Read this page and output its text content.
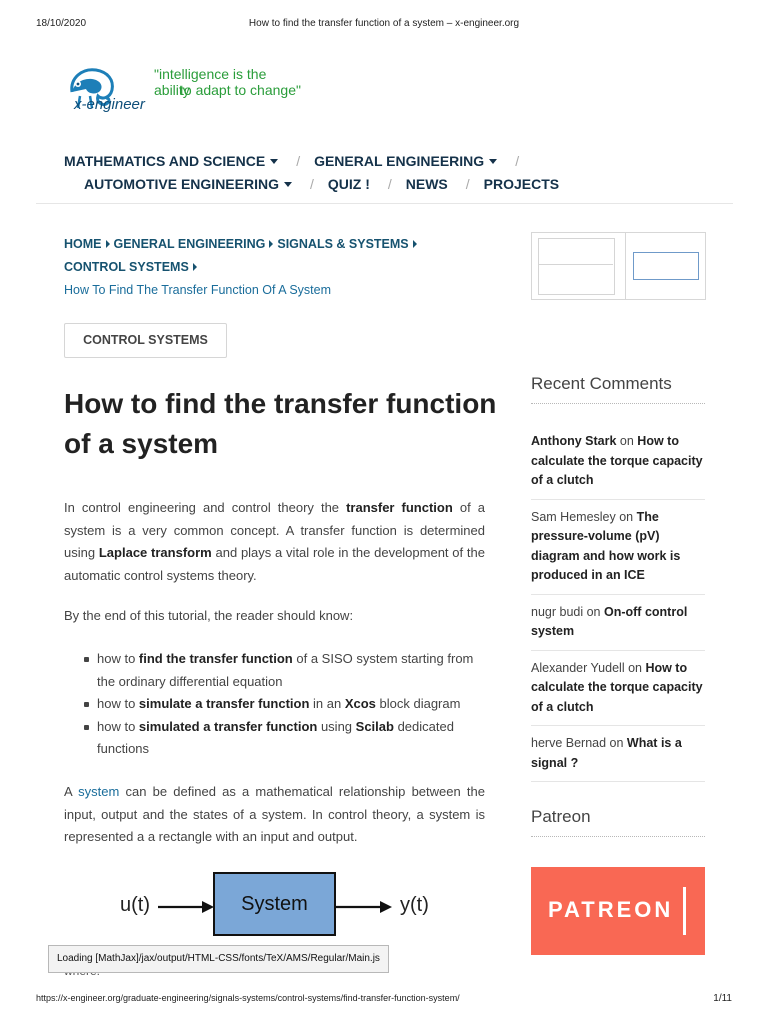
18/10/2020	How to find the transfer function of a system – x-engineer.org
"intelligence is the ability
to adapt to change"
x-engineer
MATHEMATICS AND SCIENCE / GENERAL ENGINEERING /
AUTOMOTIVE ENGINEERING / QUIZ ! / NEWS / PROJECTS
HOME GENERAL ENGINEERING SIGNALS & SYSTEMS
CONTROL SYSTEMS
How To Find The Transfer Function Of A System
CONTROL SYSTEMS
How to find the transfer function of a system
In control engineering and control theory the transfer function of a system is a very common concept. A transfer function is determined using Laplace transform and plays a vital role in the development of the automatic control systems theory.
By the end of this tutorial, the reader should know:
how to find the transfer function of a SISO system starting from the ordinary differential equation
how to simulate a transfer function in an Xcos block diagram
how to simulated a transfer function using Scilab dedicated functions
A system can be defined as a mathematical relationship between the input, output and the states of a system. In control theory, a system is represented a a rectangle with an input and output.
u(t)	System	y(t)
Loading [MathJax]/jax/output/HTML-CSS/fonts/TeX/AMS/Regular/Main.js
Recent Comments
Anthony Stark on How to calculate the torque capacity of a clutch
Sam Hemesley on The pressure-volume (pV) diagram and how work is produced in an ICE
nugr budi on On-off control system
Alexander Yudell on How to calculate the torque capacity of a clutch
herve Bernad on What is a signal ?
Patreon
PATREON
https://x-engineer.org/graduate-engineering/signals-systems/control-systems/find-transfer-function-system/	1/11
